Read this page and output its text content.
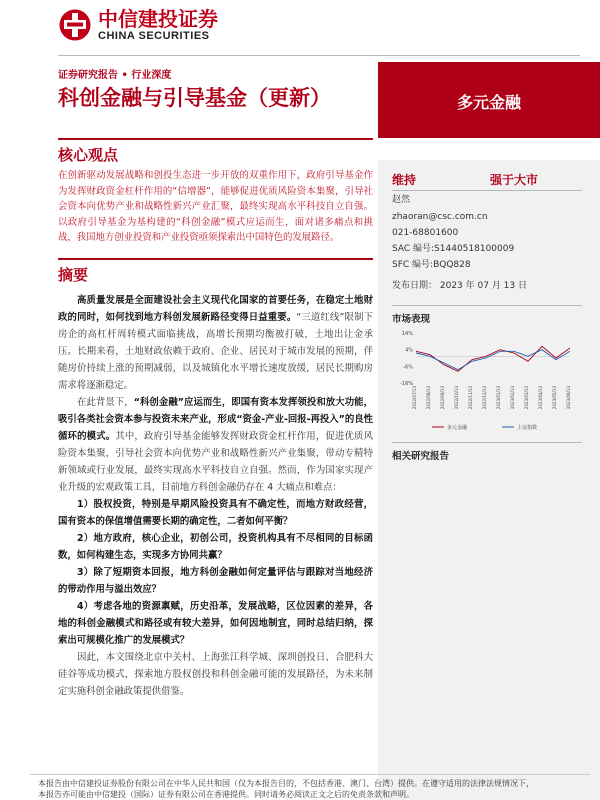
中信建投证券
CHINA SECURITIES
证券研究报告 • 行业深度
科创金融与引导基金（更新）	多元金融
核心观点
在创新驱动发展战略和创投生态进一步开放的双重作用下，政府引导基金作为发挥财政资金杠杆作用的“信增器”，能够促进优质风险资本集聚，引导社会资本向优势产业和战略性新兴产业汇聚，最终实现高水平科技自立自强。以政府引导基金为基构建的“科创金融”模式应运而生，面对诸多痛点和挑战，我国地方创业投资和产业投资亟须探索出中国特色的发展路径。
摘要

高质量发展是全面建设社会主义现代化国家的首要任务，在稳定土地财政的同时，如何找到地方科创发展新路径变得日益重要。“三道红线”限制下房企的高杠杆周转模式面临挑战，高增长预期均衡被打破，土地出让金承压。长期来看，土地财政依赖于政府、企业、居民对于城市发展的预期，伴随房价持续上涨的预期减弱，以及城镇化水平增长速度放缓，居民长期购房需求将逐渐稳定。

在此背景下，“科创金融”应运而生，即国有资本发挥领投和放大功能，吸引各类社会资本参与投资未来产业，形成“资金-产业-回报-再投入”的良性循环的模式。其中，政府引导基金能够发挥财政资金杠杆作用，促进优质风险资本集聚，引导社会资本向优势产业和战略性新兴产业集聚，带动专精特新领域或行业发展，最终实现高水平科技自立自强。然而，作为国家实现产业升级的宏观政策工具，目前地方科创金融仍存在 4 大痛点和难点：

1）股权投资，特别是早期风险投资具有不确定性，而地方财政经营，国有资本的保值增值需要长期的确定性，二者如何平衡？

2）地方政府，核心企业，初创公司，投资机构具有不尽相同的目标函数，如何构建生态，实现多方协同共赢？

3）除了短期资本回报，地方科创金融如何定量评估与跟踪对当地经济的带动作用与溢出效应？

4）考虑各地的资源禀赋，历史沿革，发展战略，区位因素的差异，各地的科创金融模式和路径或有较大差异，如何因地制宜，同时总结归纳，探索出可规模化推广的发展模式？

因此，本文围绕北京中关村、上海张江科学城、深圳创投日、合肥科大硅谷等成功模式，探索地方股权创投和科创金融可能的发展路径，为未来制定实施科创金融政策提供借鉴。

维持	强于大市
赵然
zhaoran@csc.com.cn
021-68801600
SAC 编号:S1440518100009
SFC 编号:BQQ828
发布日期： 2023 年 07 月 13 日
市场表现
14%
4%
-6%
-16%
2022/07/13 2022/08/13 2022/09/13 2022/10/13 2022/11/13 2022/12/13 2023/01/13 2023/02/13 2023/03/13 2023/04/13 2023/05/13 2023/06/13
多元金融	上证指数
相关研究报告
本报告由中信建投证券股份有限公司在中华人民共和国（仅为本报告目的，不包括香港、澳门、台湾）提供。在遵守适用的法律法规情况下，
本报告亦可能由中信建投（国际）证券有限公司在香港提供。同时请务必阅读正文之后的免责条款和声明。
